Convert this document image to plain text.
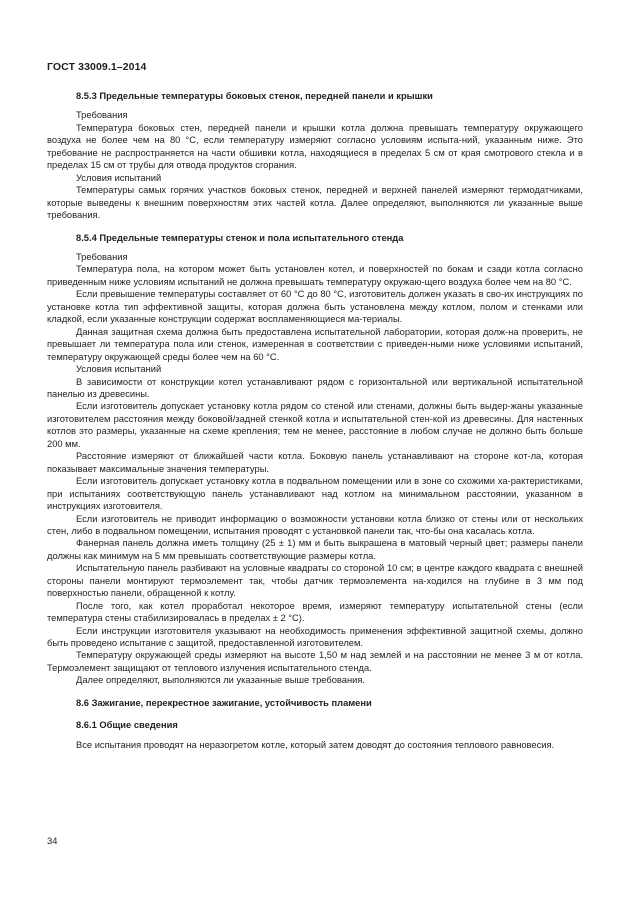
ГОСТ 33009.1–2014
8.5.3 Предельные температуры боковых стенок, передней панели и крышки

Требования

Температура боковых стен, передней панели и крышки котла должна превышать температуру окружающего воздуха не более чем на 80 °С, если температуру измеряют согласно условиям испыта-ний, указанным ниже. Это требование не распространяется на части обшивки котла, находящиеся в пределах 5 см от края смотрового стекла и в пределах 15 см от трубы для отвода продуктов сгорания.

Условия испытаний

Температуры самых горячих участков боковых стенок, передней и верхней панелей измеряют термодатчиками, которые выведены к внешним поверхностям этих частей котла. Далее определяют, выполняются ли указанные выше требования.

8.5.4 Предельные температуры стенок и пола испытательного стенда

Требования

Температура пола, на котором может быть установлен котел, и поверхностей по бокам и сзади котла согласно приведенным ниже условиям испытаний не должна превышать температуру окружаю-щего воздуха более чем на 80 °С.

Если превышение температуры составляет от 60 °С до 80 °С, изготовитель должен указать в сво-их инструкциях по установке котла тип эффективной защиты, которая должна быть установлена между котлом, полом и стенками или кладкой, если указанные конструкции содержат воспламеняющиеся ма-териалы.

Данная защитная схема должна быть предоставлена испытательной лаборатории, которая долж-на проверить, не превышает ли температура пола или стенок, измеренная в соответствии с приведен-ными ниже условиями испытаний, температуру окружающей среды более чем на 60 °С.

Условия испытаний

В зависимости от конструкции котел устанавливают рядом с горизонтальной или вертикальной испытательной панелью из древесины.

Если изготовитель допускает установку котла рядом со стеной или стенами, должны быть выдер-жаны указанные изготовителем расстояния между боковой/задней стенкой котла и испытательной стен-кой из древесины. Для настенных котлов это размеры, указанные на схеме крепления; тем не менее, расстояние в любом случае не должно быть больше 200 мм.

Расстояние измеряют от ближайшей части котла. Боковую панель устанавливают на стороне кот-ла, которая показывает максимальные значения температуры.

Если изготовитель допускает установку котла в подвальном помещении или в зоне со схожими ха-рактеристиками, при испытаниях соответствующую панель устанавливают над котлом на минимальном расстоянии, указанном в инструкциях изготовителя.

Если изготовитель не приводит информацию о возможности установки котла близко от стены или от нескольких стен, либо в подвальном помещении, испытания проводят с установкой панели так, что-бы она касалась котла.

Фанерная панель должна иметь толщину (25 ± 1) мм и быть выкрашена в матовый черный цвет; размеры панели должны как минимум на 5 мм превышать соответствующие размеры котла.

Испытательную панель разбивают на условные квадраты со стороной 10 см; в центре каждого квадрата с внешней стороны панели монтируют термоэлемент так, чтобы датчик термоэлемента на-ходился на глубине в 3 мм под поверхностью панели, обращенной к котлу.

После того, как котел проработал некоторое время, измеряют температуру испытательной стены (если температура стены стабилизировалась в пределах ± 2 °С).

Если инструкции изготовителя указывают на необходимость применения эффективной защитной схемы, должно быть проведено испытание с защитой, предоставленной изготовителем.

Температуру окружающей среды измеряют на высоте 1,50 м над землей и на расстоянии не менее 3 м от котла. Термоэлемент защищают от теплового излучения испытательного стенда.

Далее определяют, выполняются ли указанные выше требования.

8.6 Зажигание, перекрестное зажигание, устойчивость пламени
8.6.1 Общие сведения

Все испытания проводят на неразогретом котле, который затем доводят до состояния теплового равновесия.

34
